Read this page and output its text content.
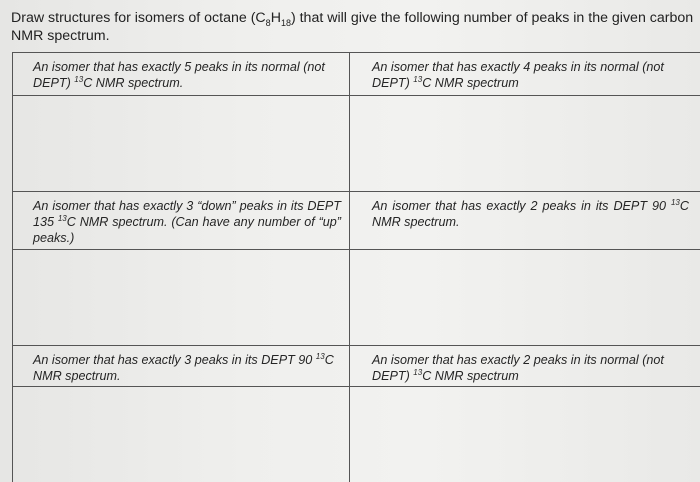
Draw structures for isomers of octane $(C_8H_{18})$ that will give the following number of peaks in the given carbon NMR spectrum.
An isomer that has exactly 5 peaks in its normal (not DEPT) $^{13}$C NMR spectrum.
An isomer that has exactly 4 peaks in its normal (not DEPT) $^{13}$C NMR spectrum
An isomer that has exactly 3 “down” peaks in its DEPT 135 $^{13}$C NMR spectrum. (Can have any number of “up” peaks.)
An isomer that has exactly 2 peaks in its DEPT 90 $^{13}$C NMR spectrum.
An isomer that has exactly 3 peaks in its DEPT 90 $^{13}$C NMR spectrum.
An isomer that has exactly 2 peaks in its normal (not DEPT) $^{13}$C NMR spectrum
